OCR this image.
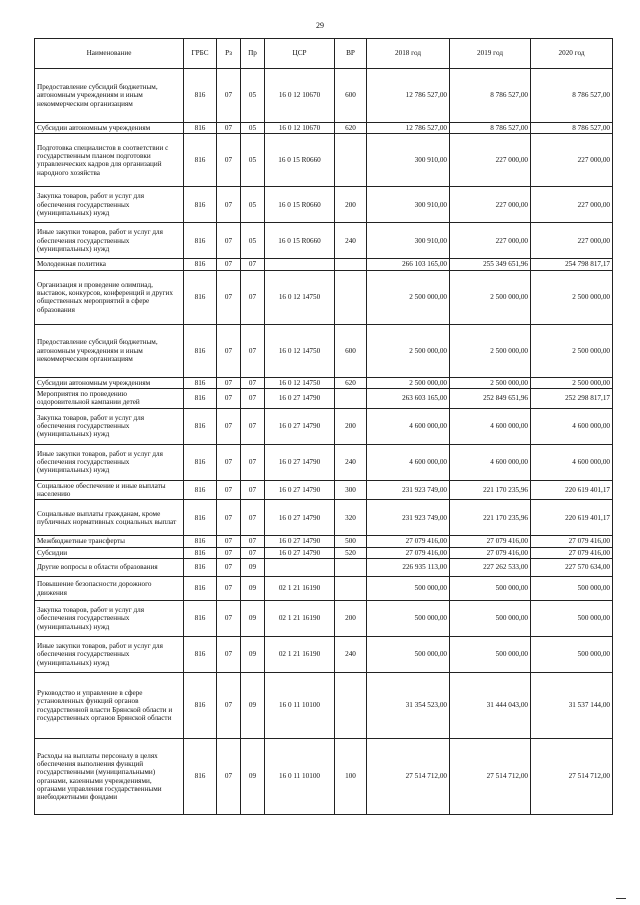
29
Наименование	ГРБС	Рз	Пр	ЦСР	ВР	2018 год	2019 год	2020 год
Предоставление субсидий бюджетным, автономным учреждениям и иным некоммерческим организациям	816	07	05	16 0 12 10670	600	12 786 527,00	8 786 527,00	8 786 527,00
Субсидии автономным учреждениям	816	07	05	16 0 12 10670	620	12 786 527,00	8 786 527,00	8 786 527,00
Подготовка специалистов в соответствии с государственным планом подготовки управленческих кадров для организаций народного хозяйства	816	07	05	16 0 15 R0660		300 910,00	227 000,00	227 000,00
Закупка товаров, работ и услуг для обеспечения государственных (муниципальных) нужд	816	07	05	16 0 15 R0660	200	300 910,00	227 000,00	227 000,00
Иные закупки товаров, работ и услуг для обеспечения государственных (муниципальных) нужд	816	07	05	16 0 15 R0660	240	300 910,00	227 000,00	227 000,00
Молодежная политика	816	07	07			266 103 165,00	255 349 651,96	254 798 817,17
Организация и проведение олимпиад, выставок, конкурсов, конференций и других общественных мероприятий в сфере образования	816	07	07	16 0 12 14750		2 500 000,00	2 500 000,00	2 500 000,00
Предоставление субсидий бюджетным, автономным учреждениям и иным некоммерческим организациям	816	07	07	16 0 12 14750	600	2 500 000,00	2 500 000,00	2 500 000,00
Субсидии автономным учреждениям	816	07	07	16 0 12 14750	620	2 500 000,00	2 500 000,00	2 500 000,00
Мероприятия по проведению оздоровительной кампании детей	816	07	07	16 0 27 14790		263 603 165,00	252 849 651,96	252 298 817,17
Закупка товаров, работ и услуг для обеспечения государственных (муниципальных) нужд	816	07	07	16 0 27 14790	200	4 600 000,00	4 600 000,00	4 600 000,00
Иные закупки товаров, работ и услуг для обеспечения государственных (муниципальных) нужд	816	07	07	16 0 27 14790	240	4 600 000,00	4 600 000,00	4 600 000,00
Социальное обеспечение и иные выплаты населению	816	07	07	16 0 27 14790	300	231 923 749,00	221 170 235,96	220 619 401,17
Социальные выплаты гражданам, кроме публичных нормативных социальных выплат	816	07	07	16 0 27 14790	320	231 923 749,00	221 170 235,96	220 619 401,17
Межбюджетные трансферты	816	07	07	16 0 27 14790	500	27 079 416,00	27 079 416,00	27 079 416,00
Субсидии	816	07	07	16 0 27 14790	520	27 079 416,00	27 079 416,00	27 079 416,00
Другие вопросы в области образования	816	07	09			226 935 113,00	227 262 533,00	227 570 634,00
Повышение безопасности дорожного движения	816	07	09	02 1 21 16190		500 000,00	500 000,00	500 000,00
Закупка товаров, работ и услуг для обеспечения государственных (муниципальных) нужд	816	07	09	02 1 21 16190	200	500 000,00	500 000,00	500 000,00
Иные закупки товаров, работ и услуг для обеспечения государственных (муниципальных) нужд	816	07	09	02 1 21 16190	240	500 000,00	500 000,00	500 000,00
Руководство и управление в сфере установленных функций органов государственной власти Брянской области и государственных органов Брянской области	816	07	09	16 0 11 10100		31 354 523,00	31 444 043,00	31 537 144,00
Расходы на выплаты персоналу в целях обеспечения выполнения функций государственными (муниципальными) органами, казенными учреждениями, органами управления государственными внебюджетными фондами	816	07	09	16 0 11 10100	100	27 514 712,00	27 514 712,00	27 514 712,00
